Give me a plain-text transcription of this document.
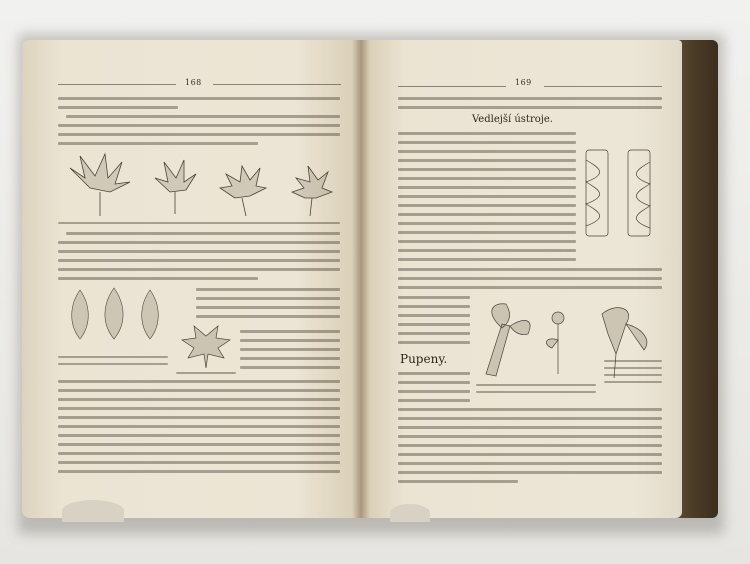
168	169
Vedlejší ústroje.
Pupeny.
